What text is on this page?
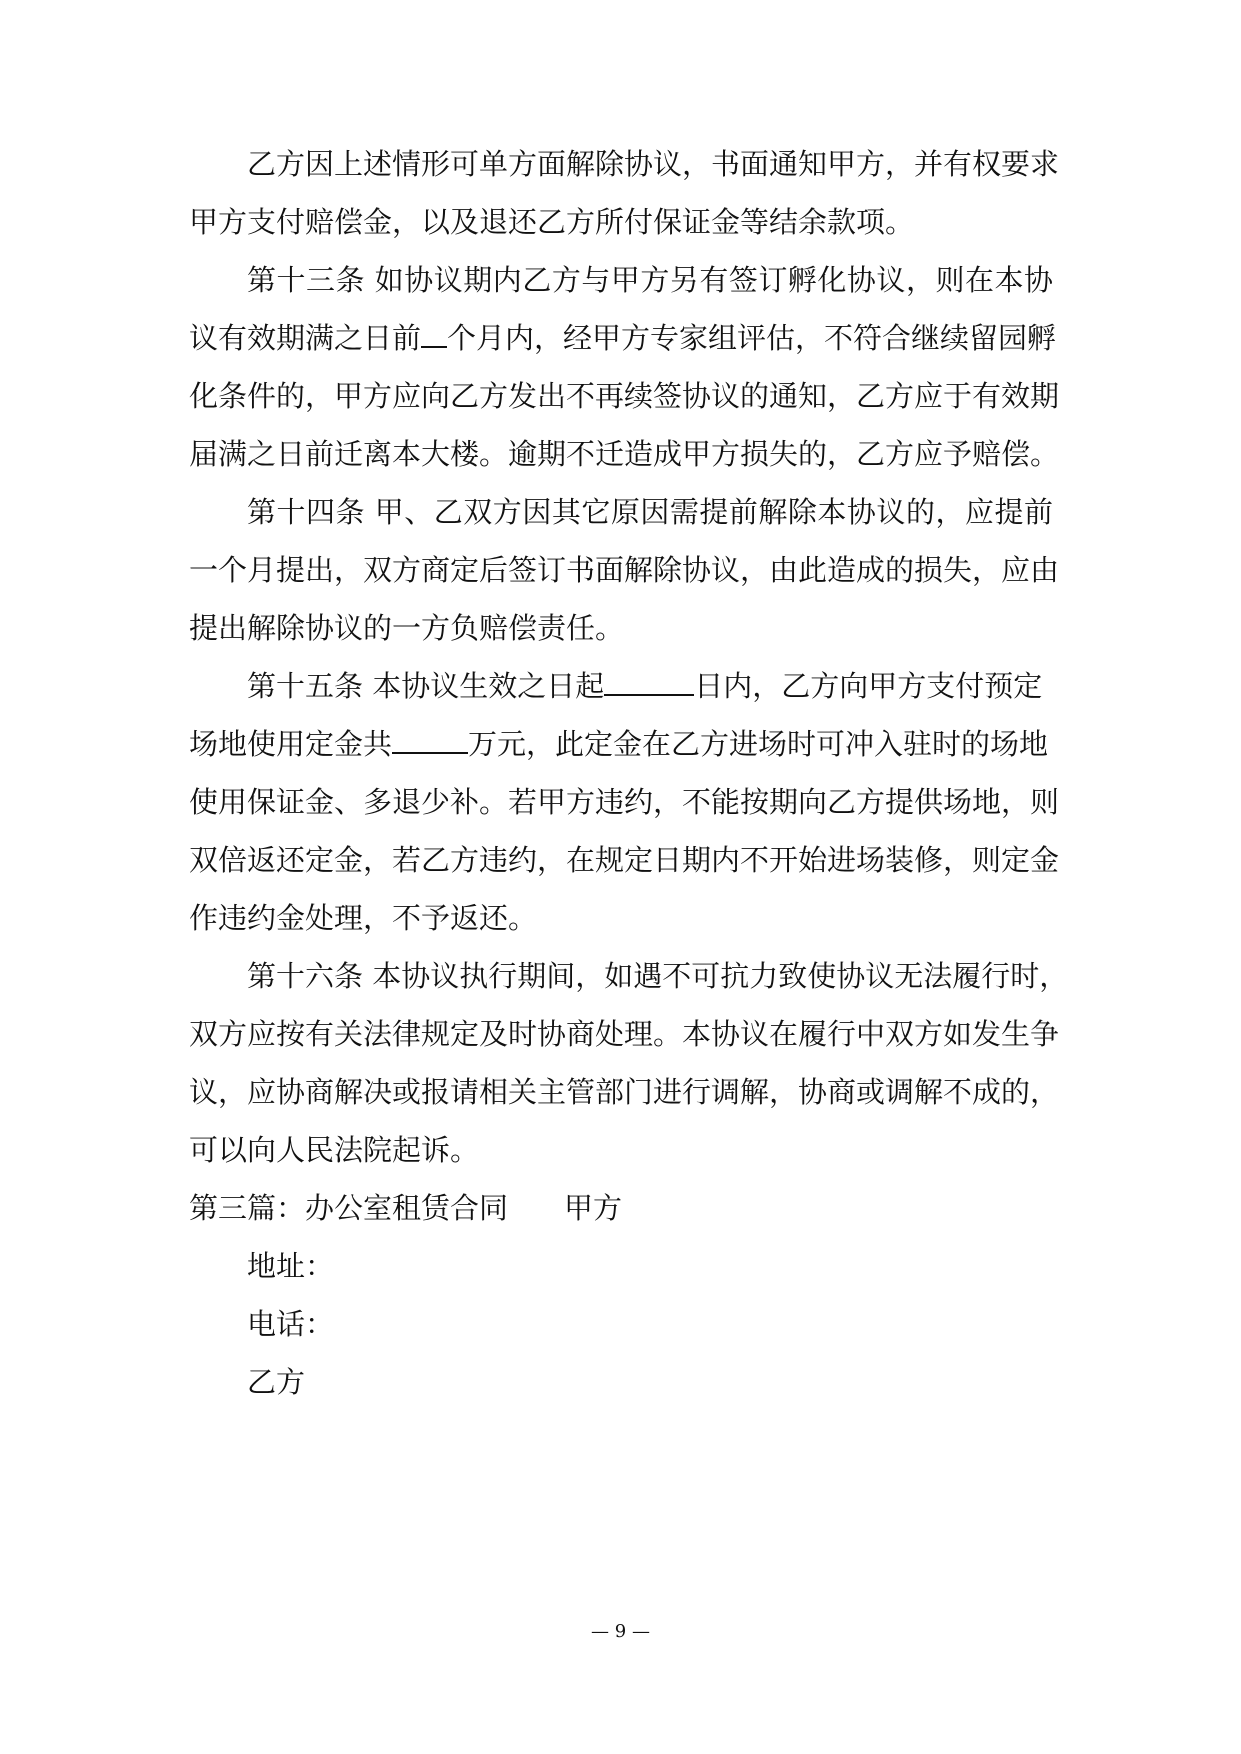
乙方因上述情形可单方面解除协议，书面通知甲方，并有权要求
甲方支付赔偿金，以及退还乙方所付保证金等结余款项。
第十三条 如协议期内乙方与甲方另有签订孵化协议，则在本协
议有效期满之日前 个月内，经甲方专家组评估，不符合继续留园孵
化条件的，甲方应向乙方发出不再续签协议的通知，乙方应于有效期
届满之日前迁离本大楼。逾期不迁造成甲方损失的，乙方应予赔偿。
第十四条 甲、乙双方因其它原因需提前解除本协议的，应提前
一个月提出，双方商定后签订书面解除协议，由此造成的损失，应由
提出解除协议的一方负赔偿责任。
第十五条 本协议生效之日起	日内，乙方向甲方支付预定
场地使用定金共	万元，此定金在乙方进场时可冲入驻时的场地
使用保证金、多退少补。若甲方违约，不能按期向乙方提供场地，则
双倍返还定金，若乙方违约，在规定日期内不开始进场装修，则定金
作违约金处理，不予返还。
第十六条 本协议执行期间，如遇不可抗力致使协议无法履行时，
双方应按有关法律规定及时协商处理。本协议在履行中双方如发生争
议，应协商解决或报请相关主管部门进行调解，协商或调解不成的，
可以向人民法院起诉。
第三篇：办公室租赁合同 甲方
地址：
电话：
乙方
— 9 —
